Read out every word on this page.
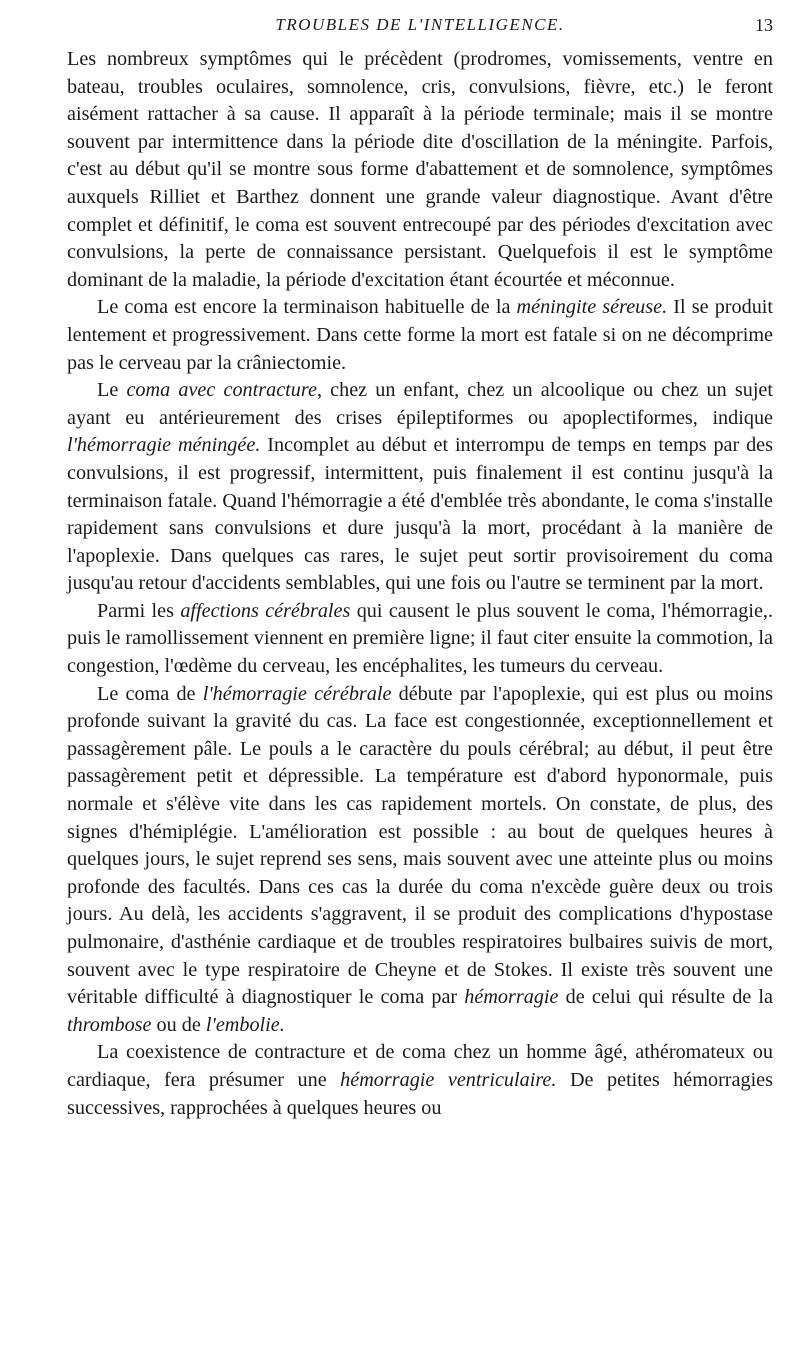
TROUBLES DE L'INTELLIGENCE.	13

Les nombreux symptômes qui le précèdent (prodromes, vomissements, ventre en bateau, troubles oculaires, somnolence, cris, convulsions, fièvre, etc.) le feront aisément rattacher à sa cause. Il apparaît à la période terminale; mais il se montre souvent par intermittence dans la période dite d'oscillation de la méningite. Parfois, c'est au début qu'il se montre sous forme d'abattement et de somnolence, symptômes auxquels Rilliet et Barthez donnent une grande valeur diagnostique. Avant d'être complet et définitif, le coma est souvent entrecoupé par des périodes d'excitation avec convulsions, la perte de connaissance persistant. Quelquefois il est le symptôme dominant de la maladie, la période d'excitation étant écourtée et méconnue.

Le coma est encore la terminaison habituelle de la méningite séreuse. Il se produit lentement et progressivement. Dans cette forme la mort est fatale si on ne décomprime pas le cerveau par la crâniectomie.

Le coma avec contracture, chez un enfant, chez un alcoolique ou chez un sujet ayant eu antérieurement des crises épileptiformes ou apoplectiformes, indique l'hémorragie méningée. Incomplet au début et interrompu de temps en temps par des convulsions, il est progressif, intermittent, puis finalement il est continu jusqu'à la terminaison fatale. Quand l'hémorragie a été d'emblée très abondante, le coma s'installe rapidement sans convulsions et dure jusqu'à la mort, procédant à la manière de l'apoplexie. Dans quelques cas rares, le sujet peut sortir provisoirement du coma jusqu'au retour d'accidents semblables, qui une fois ou l'autre se terminent par la mort.

Parmi les affections cérébrales qui causent le plus souvent le coma, l'hémorragie,. puis le ramollissement viennent en première ligne; il faut citer ensuite la commotion, la congestion, l'œdème du cerveau, les encéphalites, les tumeurs du cerveau.

Le coma de l'hémorragie cérébrale débute par l'apoplexie, qui est plus ou moins profonde suivant la gravité du cas. La face est congestionnée, exceptionnellement et passagèrement pâle. Le pouls a le caractère du pouls cérébral; au début, il peut être passagèrement petit et dépressible. La température est d'abord hyponormale, puis normale et s'élève vite dans les cas rapidement mortels. On constate, de plus, des signes d'hémiplégie. L'amélioration est possible : au bout de quelques heures à quelques jours, le sujet reprend ses sens, mais souvent avec une atteinte plus ou moins profonde des facultés. Dans ces cas la durée du coma n'excède guère deux ou trois jours. Au delà, les accidents s'aggravent, il se produit des complications d'hypostase pulmonaire, d'asthénie cardiaque et de troubles respiratoires bulbaires suivis de mort, souvent avec le type respiratoire de Cheyne et de Stokes. Il existe très souvent une véritable difficulté à diagnostiquer le coma par hémorragie de celui qui résulte de la thrombose ou de l'embolie.

La coexistence de contracture et de coma chez un homme âgé, athéromateux ou cardiaque, fera présumer une hémorragie ventriculaire. De petites hémorragies successives, rapprochées à quelques heures ou
